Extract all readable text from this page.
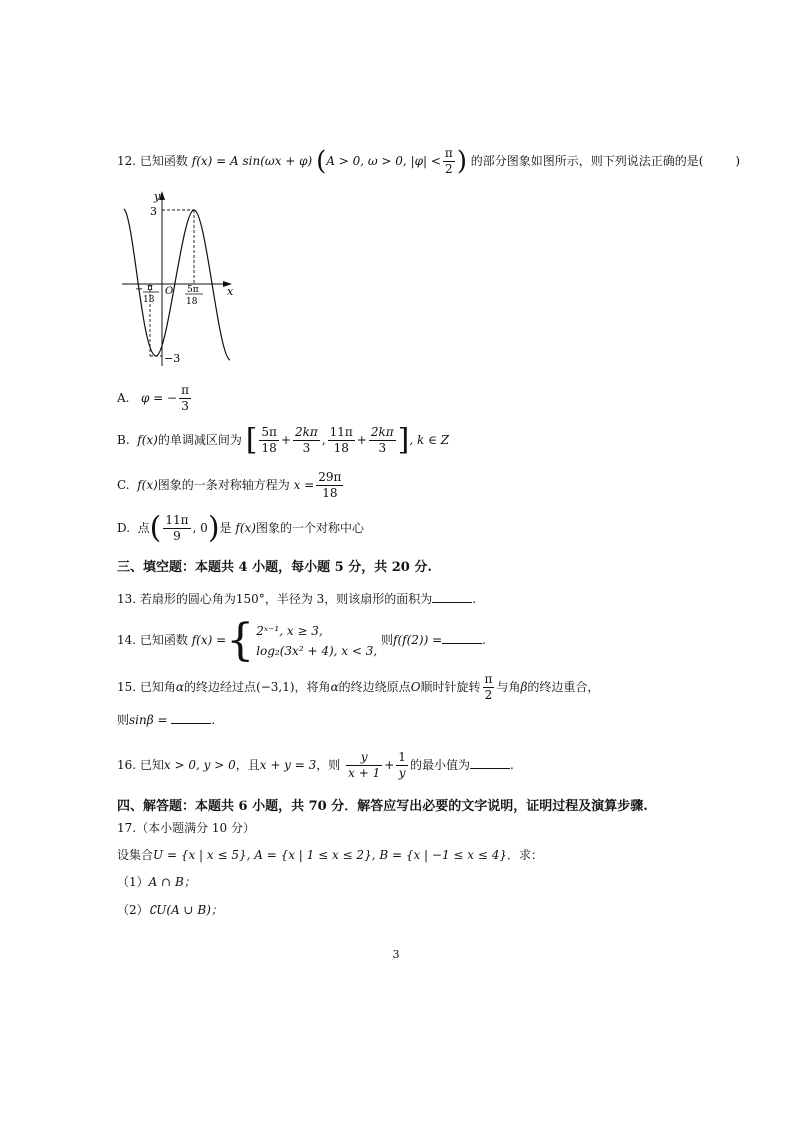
12. 已知函数 f(x) = A sin(ωx + φ) (A > 0, ω > 0, $|\varphi| < \frac{\pi}{2}$ ) 的部分图象如图所示，则下列说法正确的是(	)
y
x
O
3
−3
− π
18
5π
18
A. φ = − $\frac{\pi}{3}$
B. f(x)的单调减区间为 [ $\frac{5\pi}{18} + \frac{2k\pi}{3}$ , $\frac{11\pi}{18} + \frac{2k\pi}{3}$ ], k ∈ Z
C. f(x)图象的一条对称轴方程为 $x = \frac{29\pi}{18}$
D. 点( $\frac{11\pi}{9}$ , 0)是 f(x)图象的一个对称中心
三、填空题：本题共 4 小题，每小题 5 分，共 20 分.
13. 若扇形的圆心角为150°，半径为 3，则该扇形的面积为	.
14. 已知函数 f(x) ={ 2ˣ⁻¹, x ≥ 3,
log₂(3x² + 4), x < 3,
则f(f(2)) =	.
15. 已知角α的终边经过点(−3,1)，将角α的终边绕原点O顺时针旋转 $\frac{\pi}{2}$ 与角β的终边重合，
则sinβ =	.
16. 已知x > 0, y > 0，且x + y = 3，则 $\frac{y}{x + 1} + \frac{1}{y}$ 的最小值为	.
四、解答题：本题共 6 小题，共 70 分．解答应写出必要的文字说明，证明过程及演算步骤.
17.（本小题满分 10 分）
设集合U = {x | x ≤ 5}, A = {x | 1 ≤ x ≤ 2}, B = {x | −1 ≤ x ≤ 4}．求：
（1）A ∩ B；
（2）∁U(A ∪ B)；
3
